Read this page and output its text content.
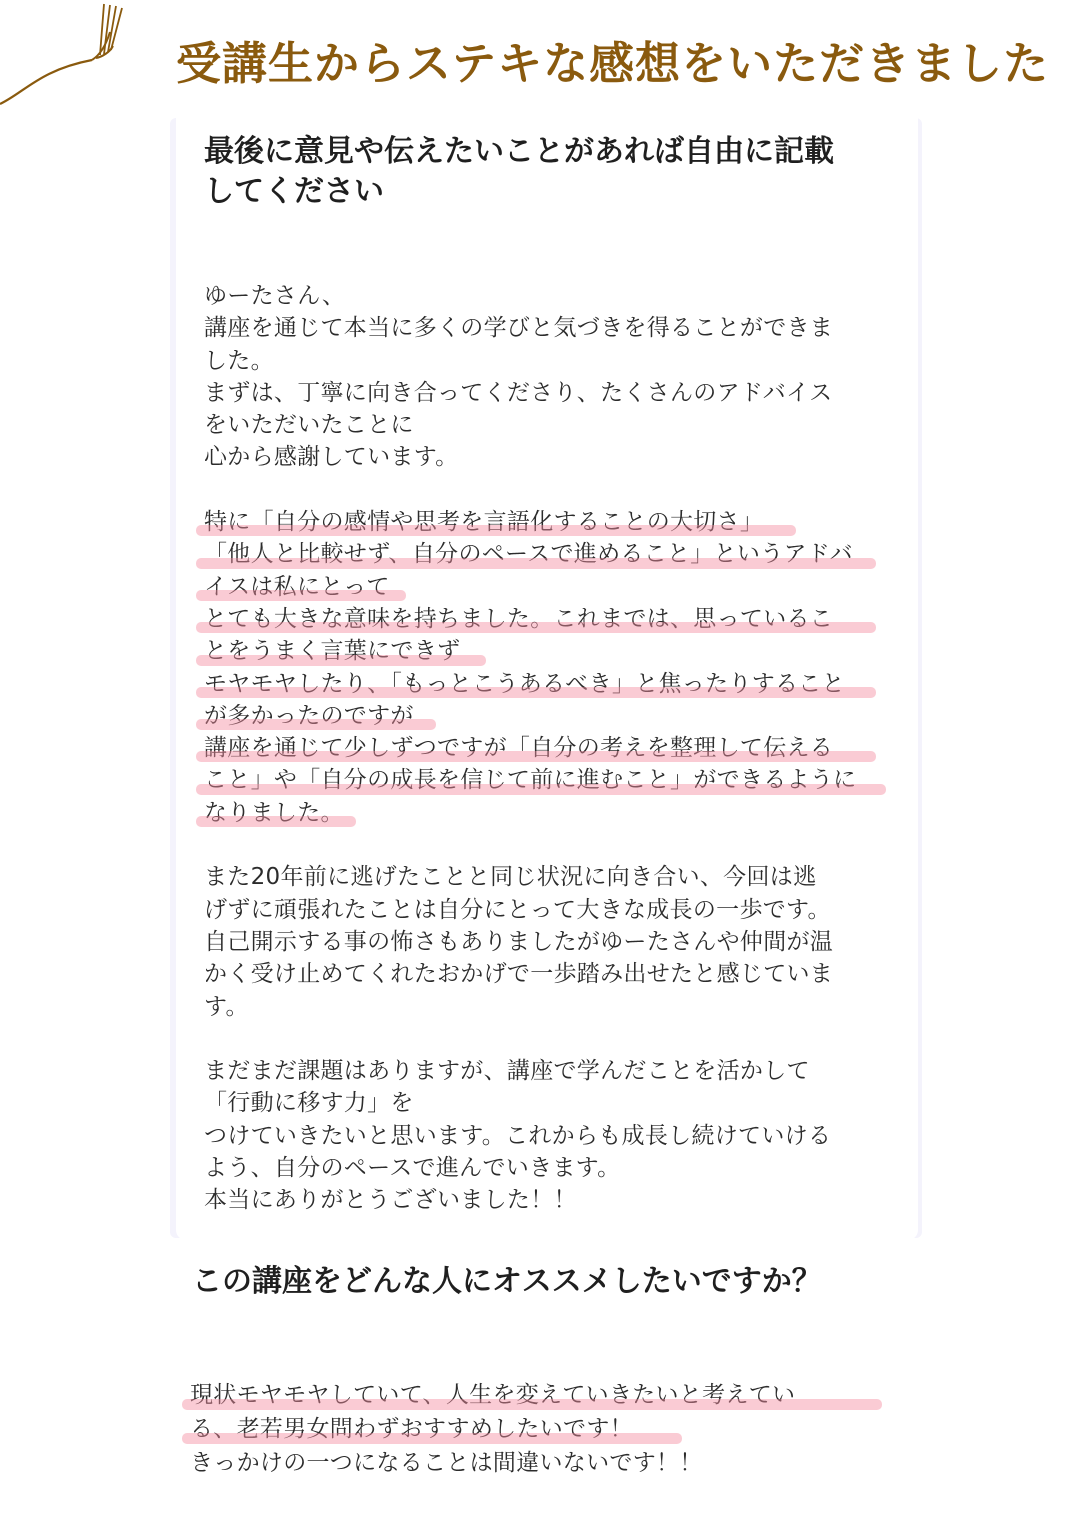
受講生からステキな感想をいただきました
最後に意見や伝えたいことがあれば自由に記載
してください
ゆーたさん、
講座を通じて本当に多くの学びと気づきを得ることができま
した。
まずは、丁寧に向き合ってくださり、たくさんのアドバイス
をいただいたことに
心から感謝しています。
特に「自分の感情や思考を言語化することの大切さ」
「他人と比較せず、自分のペースで進めること」というアドバ
イスは私にとって
とても大きな意味を持ちました。これまでは、思っているこ
とをうまく言葉にできず
モヤモヤしたり、「もっとこうあるべき」と焦ったりすること
が多かったのですが
講座を通じて少しずつですが「自分の考えを整理して伝える
こと」や「自分の成長を信じて前に進むこと」ができるように
なりました。
また20年前に逃げたことと同じ状況に向き合い、今回は逃
げずに頑張れたことは自分にとって大きな成長の一歩です。
自己開示する事の怖さもありましたがゆーたさんや仲間が温
かく受け止めてくれたおかげで一歩踏み出せたと感じていま
す。
まだまだ課題はありますが、講座で学んだことを活かして
「行動に移す力」を
つけていきたいと思います。これからも成長し続けていける
よう、自分のペースで進んでいきます。
本当にありがとうございました！！
この講座をどんな人にオススメしたいですか？
現状モヤモヤしていて、人生を変えていきたいと考えてい
る、老若男女問わずおすすめしたいです！
きっかけの一つになることは間違いないです！！
